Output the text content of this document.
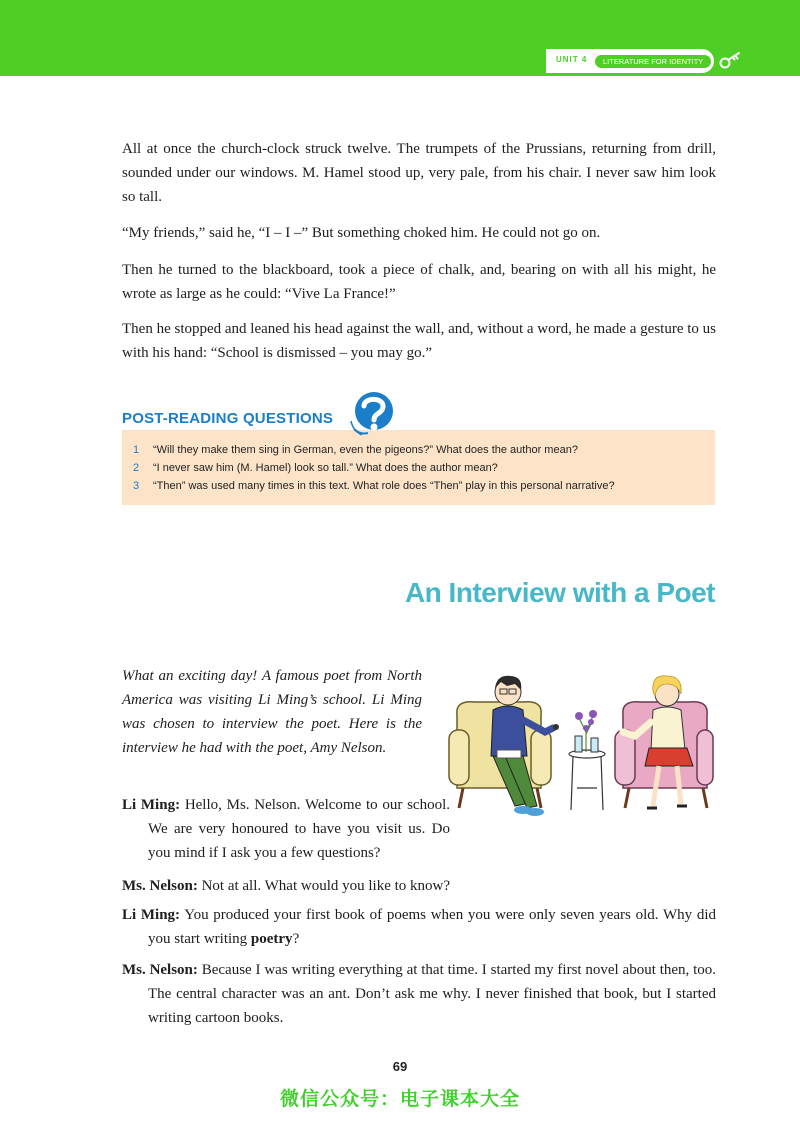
UNIT 4	LITERATURE FOR IDENTITY

All at once the church-clock struck twelve. The trumpets of the Prussians, returning from drill, sounded under our windows. M. Hamel stood up, very pale, from his chair. I never saw him look so tall.

“My friends,” said he, “I – I –” But something choked him. He could not go on.

Then he turned to the blackboard, took a piece of chalk, and, bearing on with all his might, he wrote as large as he could: “Vive La France!”

Then he stopped and leaned his head against the wall, and, without a word, he made a gesture to us with his hand: “School is dismissed – you may go.”

1 “Will they make them sing in German, even the pigeons?” What does the author mean?
2 “I never saw him (M. Hamel) look so tall.” What does the author mean?
3 “Then” was used many times in this text. What role does “Then” play in this personal narrative?
POST-READING QUESTIONS
An Interview with a Poet

What an exciting day! A famous poet from North America was visiting Li Ming’s school. Li Ming was chosen to interview the poet. Here is the interview he had with the poet, Amy Nelson.

Li Ming: Hello, Ms. Nelson. Welcome to our school. We are very honoured to have you visit us. Do you mind if I ask you a few questions?

Ms. Nelson: Not at all. What would you like to know?

Li Ming: You produced your first book of poems when you were only seven years old. Why did you start writing poetry?

Ms. Nelson: Because I was writing everything at that time. I started my first novel about then, too. The central character was an ant. Don’t ask me why. I never finished that book, but I started writing cartoon books.

69
微信公众号：电子课本大全
